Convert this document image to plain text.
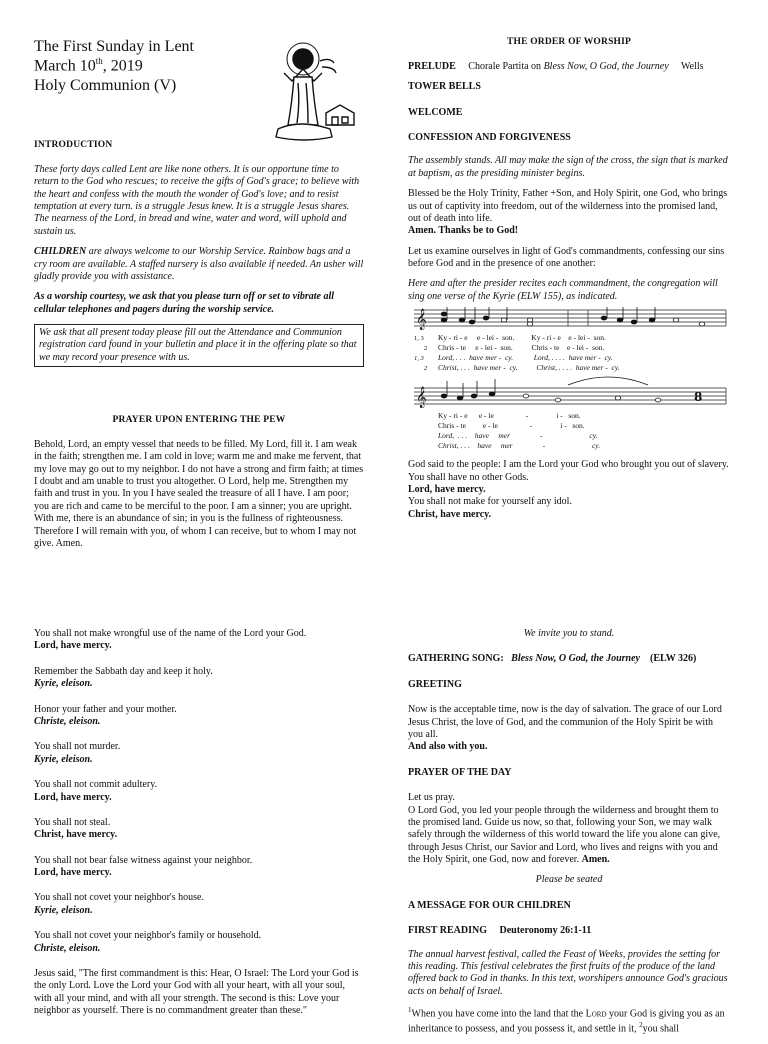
The First Sunday in Lent
March 10th, 2019
Holy Communion (V)
INTRODUCTION

These forty days called Lent are like none others. It is our opportune time to return to the God who rescues; to receive the gifts of God's grace; to believe with the heart and confess with the mouth the wonder of God's love; and to resist temptation at every turn. is a struggle Jesus knew. It is a struggle Jesus shares. The nearness of the Lord, in bread and wine, water and word, will uphold and sustain us.

CHILDREN are always welcome to our Worship Service. Rainbow bags and a cry room are available. A staffed nursery is also available if needed. An usher will gladly provide you with assistance.

As a worship courtesy, we ask that you please turn off or set to vibrate all cellular telephones and pagers during the worship service.

We ask that all present today please fill out the Attendance and Communion registration card found in your bulletin and place it in the offering plate so that we may record your presence with us.
PRAYER UPON ENTERING THE PEW

Behold, Lord, an empty vessel that needs to be filled. My Lord, fill it. I am weak in the faith; strengthen me. I am cold in love; warm me and make me fervent, that my love may go out to my neighbor. I do not have a strong and firm faith; at times I doubt and am unable to trust you altogether. O Lord, help me. Strengthen my faith and trust in you. In you I have sealed the treasure of all I have. I am poor; you are rich and came to be merciful to the poor. I am a sinner; you are upright. With me, there is an abundance of sin; in you is the fullness of righteousness. Therefore I will remain with you, of whom I can receive, but to whom I may not give. Amen.

THE ORDER OF WORSHIP

PRELUDE Chorale Partita on Bless Now, O God, the Journey Wells

TOWER BELLS

WELCOME

CONFESSION AND FORGIVENESS

The assembly stands. All may make the sign of the cross, the sign that is marked at baptism, as the presiding minister begins.

Blessed be the Holy Trinity, Father +Son, and Holy Spirit, one God, who brings us out of captivity into freedom, out of the wilderness into the promised land, out of death into life.

Amen. Thanks be to God!

Let us examine ourselves in light of God's commandments, confessing our sins before God and in the presence of one another:

Here and after the presider recites each commandment, the congregation will sing one verse of the Kyrie (ELW 155), as indicated.

𝄞
𝄞	8
1, 3 Ky - ri - e     e - lei -  son.         Ky - ri - e    e - lei -  son.
2 Chris - te     e - lei -  son.          Chris - te    e - lei -  son.
1, 3 Lord, . . .  have mer -  cy.           Lord, . . . .  have mer -  cy.
2 Christ, . . .  have mer -  cy.          Christ, . . . .  have mer -  cy.
Ky - ri - e      e - le                 -               i -   son.
Chris - te         e - le                 -               i -   son.
Lord,  . . .    have     mer                -                         cy.
Christ, . . .    have     mer                -                         cy.

God said to the people: I am the Lord your God who brought you out of slavery. You shall have no other Gods.

Lord, have mercy.

You shall not make for yourself any idol.

Christ, have mercy.

You shall not make wrongful use of the name of the Lord your God.

Lord, have mercy.

Remember the Sabbath day and keep it holy.

Kyrie, eleison.

Honor your father and your mother.

Christe, eleison.

You shall not murder.

Kyrie, eleison.

You shall not commit adultery.

Lord, have mercy.

You shall not steal.

Christ, have mercy.

You shall not bear false witness against your neighbor.

Lord, have mercy.

You shall not covet your neighbor's house.

Kyrie, eleison.

You shall not covet your neighbor's family or household.

Christe, eleison.

Jesus said, "The first commandment is this: Hear, O Israel: The Lord your God is the only Lord. Love the Lord your God with all your heart, with all your soul, with all your mind, and with all your strength. The second is this: Love your neighbor as yourself. There is no commandment greater than these."

We invite you to stand.

GATHERING SONG: Bless Now, O God, the Journey (ELW 326)

GREETING

Now is the acceptable time, now is the day of salvation. The grace of our Lord Jesus Christ, the love of God, and the communion of the Holy Spirit be with you all.

And also with you.

PRAYER OF THE DAY

Let us pray.

O Lord God, you led your people through the wilderness and brought them to the promised land. Guide us now, so that, following your Son, we may walk safely through the wilderness of this world toward the life you alone can give, through Jesus Christ, our Savior and Lord, who lives and reigns with you and the Holy Spirit, one God, now and forever. Amen.

Please be seated

A MESSAGE FOR OUR CHILDREN

FIRST READING Deuteronomy 26:1-11

The annual harvest festival, called the Feast of Weeks, provides the setting for this reading. This festival celebrates the first fruits of the produce of the land offered back to God in thanks. In this text, worshipers announce God's gracious acts on behalf of Israel.

$^1$When you have come into the land that the Lord your God is giving you as an inheritance to possess, and you possess it, and settle in it, $^2$you shall
